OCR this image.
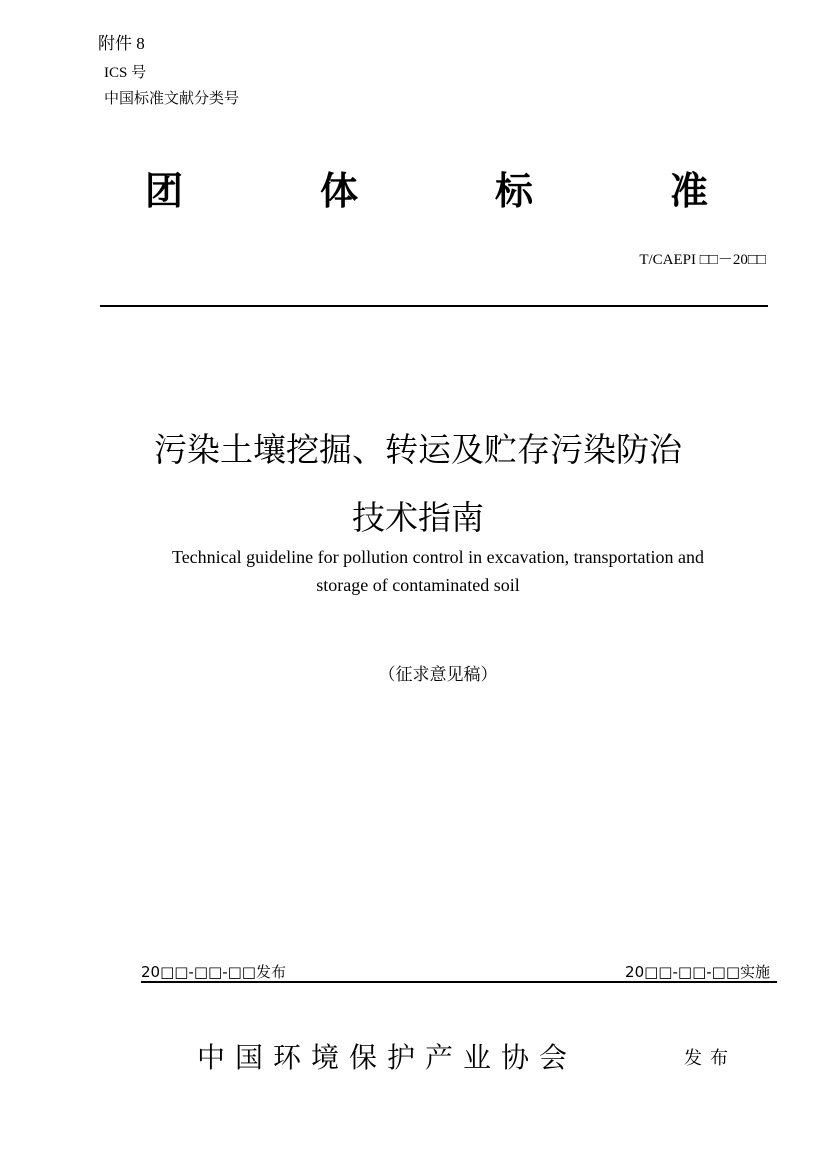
附件 8
ICS 号
中国标准文献分类号
团	体	标	准
T/CAEPI □□－20□□
污染土壤挖掘、转运及贮存污染防治
技术指南
Technical guideline for pollution control in excavation, transportation and
storage of contaminated soil
（征求意见稿）
20□□-□□-□□发布	20□□-□□-□□实施
中国环境保护产业协会	发布
